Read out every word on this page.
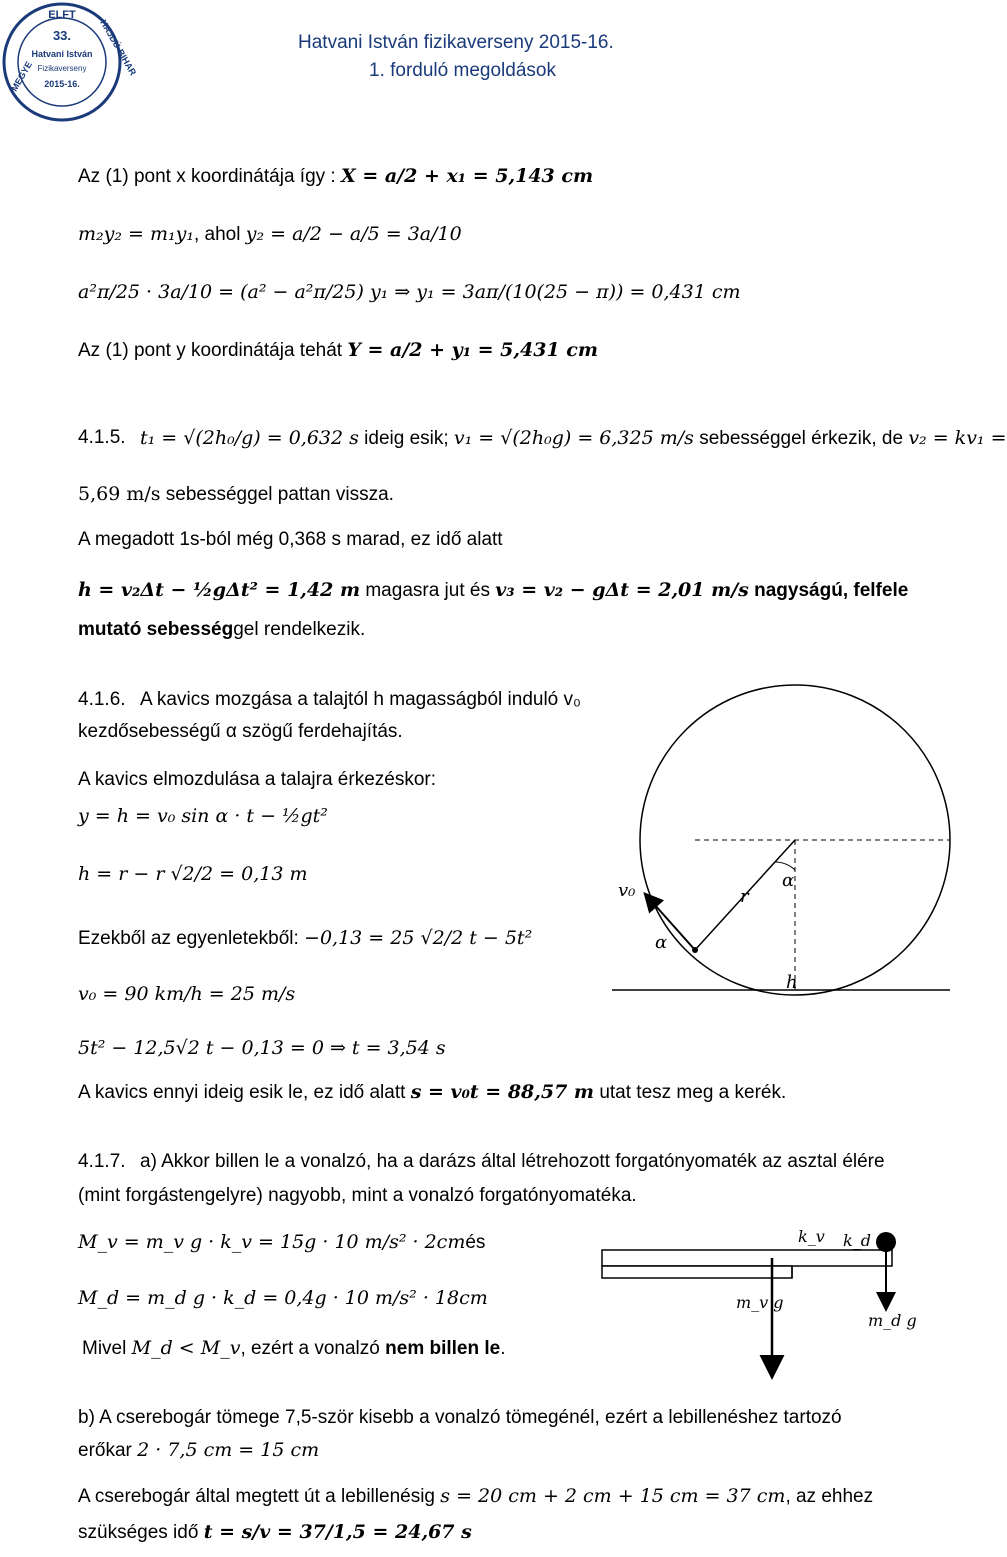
ELFT
33.
Hatvani István
Fizikaverseny
2015-16.
MEGYE	HAJDÚ-BIHAR	Hatvani István fizikaverseny 2015-16.
1. forduló megoldások
Az (1) pont x koordinátája így : X = a/2 + x₁ = 5,143 cm
m₂y₂ = m₁y₁, ahol y₂ = a/2 − a/5 = 3a/10
a²π/25 · 3a/10 = (a² − a²π/25) y₁ ⇒ y₁ = 3aπ/(10(25 − π)) = 0,431 cm
Az (1) pont y koordinátája tehát Y = a/2 + y₁ = 5,431 cm
4.1.5. t₁ = √(2h₀/g) = 0,632 s ideig esik; v₁ = √(2h₀g) = 6,325 m/s sebességgel érkezik, de v₂ = kv₁ =
5,69 m/s sebességgel pattan vissza.
A megadott 1s-ból még 0,368 s marad, ez idő alatt
h = v₂Δt − ½gΔt² = 1,42 m magasra jut és v₃ = v₂ − gΔt = 2,01 m/s nagyságú, felfele
mutató sebességgel rendelkezik.
4.1.6. A kavics mozgása a talajtól h magasságból induló v₀
kezdősebességű α szögű ferdehajítás.
A kavics elmozdulása a talajra érkezéskor:
y = h = v₀ sin α · t − ½gt²
h = r − r √2/2 = 0,13 m
Ezekből az egyenletekből: −0,13 = 25 √2/2 t − 5t²
v₀ = 90 km/h = 25 m/s
5t² − 12,5√2 t − 0,13 = 0 ⇒ t = 3,54 s
A kavics ennyi ideig esik le, ez idő alatt s = v₀t = 88,57 m utat tesz meg a kerék.
v₀
α
r
α
h
4.1.7. a) Akkor billen le a vonalzó, ha a darázs által létrehozott forgatónyomaték az asztal élére
(mint forgástengelyre) nagyobb, mint a vonalzó forgatónyomatéka.
M_v = m_v g · k_v = 15g · 10 m/s² · 2cmés
M_d = m_d g · k_d = 0,4g · 10 m/s² · 18cm
Mivel M_d < M_v, ezért a vonalzó nem billen le.
k_v k_d
m_v g
m_d g
b) A cserebogár tömege 7,5-ször kisebb a vonalzó tömegénél, ezért a lebillenéshez tartozó
erőkar 2 · 7,5 cm = 15 cm
A cserebogár által megtett út a lebillenésig s = 20 cm + 2 cm + 15 cm = 37 cm, az ehhez
szükséges idő t = s/v = 37/1,5 = 24,67 s
